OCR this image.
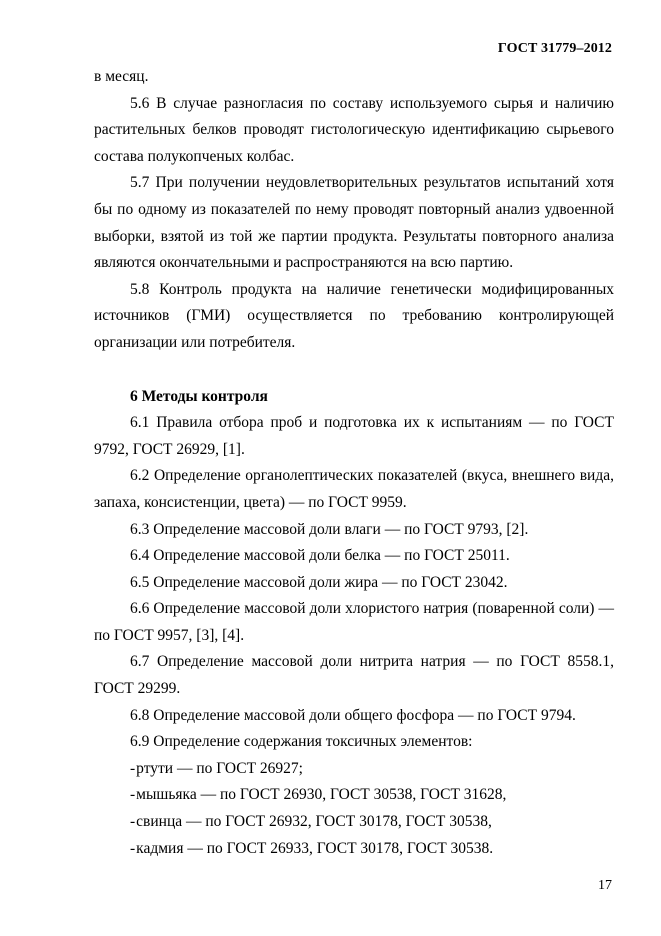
ГОСТ 31779–2012

в месяц.

5.6 В случае разногласия по составу используемого сырья и наличию растительных белков проводят гистологическую идентификацию сырьевого состава полукопченых колбас.

5.7 При получении неудовлетворительных результатов испытаний хотя бы по одному из показателей по нему проводят повторный анализ удвоенной выборки, взятой из той же партии продукта. Результаты повторного анализа являются окончательными и распространяются на всю партию.

5.8 Контроль продукта на наличие генетически модифицированных источников (ГМИ) осуществляется по требованию контролирующей организации или потребителя.

6 Методы контроля

6.1 Правила отбора проб и подготовка их к испытаниям — по ГОСТ 9792, ГОСТ 26929, [1].

6.2 Определение органолептических показателей (вкуса, внешнего вида, запаха, консистенции, цвета) — по ГОСТ 9959.

6.3 Определение массовой доли влаги — по ГОСТ 9793, [2].

6.4 Определение массовой доли белка — по ГОСТ 25011.

6.5 Определение массовой доли жира — по ГОСТ 23042.

6.6 Определение массовой доли хлористого натрия (поваренной соли) — по ГОСТ 9957, [3], [4].

6.7 Определение массовой доли нитрита натрия — по ГОСТ 8558.1, ГОСТ 29299.

6.8 Определение массовой доли общего фосфора — по ГОСТ 9794.

6.9 Определение содержания токсичных элементов:

-ртути — по ГОСТ 26927;

-мышьяка — по ГОСТ 26930, ГОСТ 30538, ГОСТ 31628,

-свинца — по ГОСТ 26932, ГОСТ 30178, ГОСТ 30538,

-кадмия — по ГОСТ 26933, ГОСТ 30178, ГОСТ 30538.

17
